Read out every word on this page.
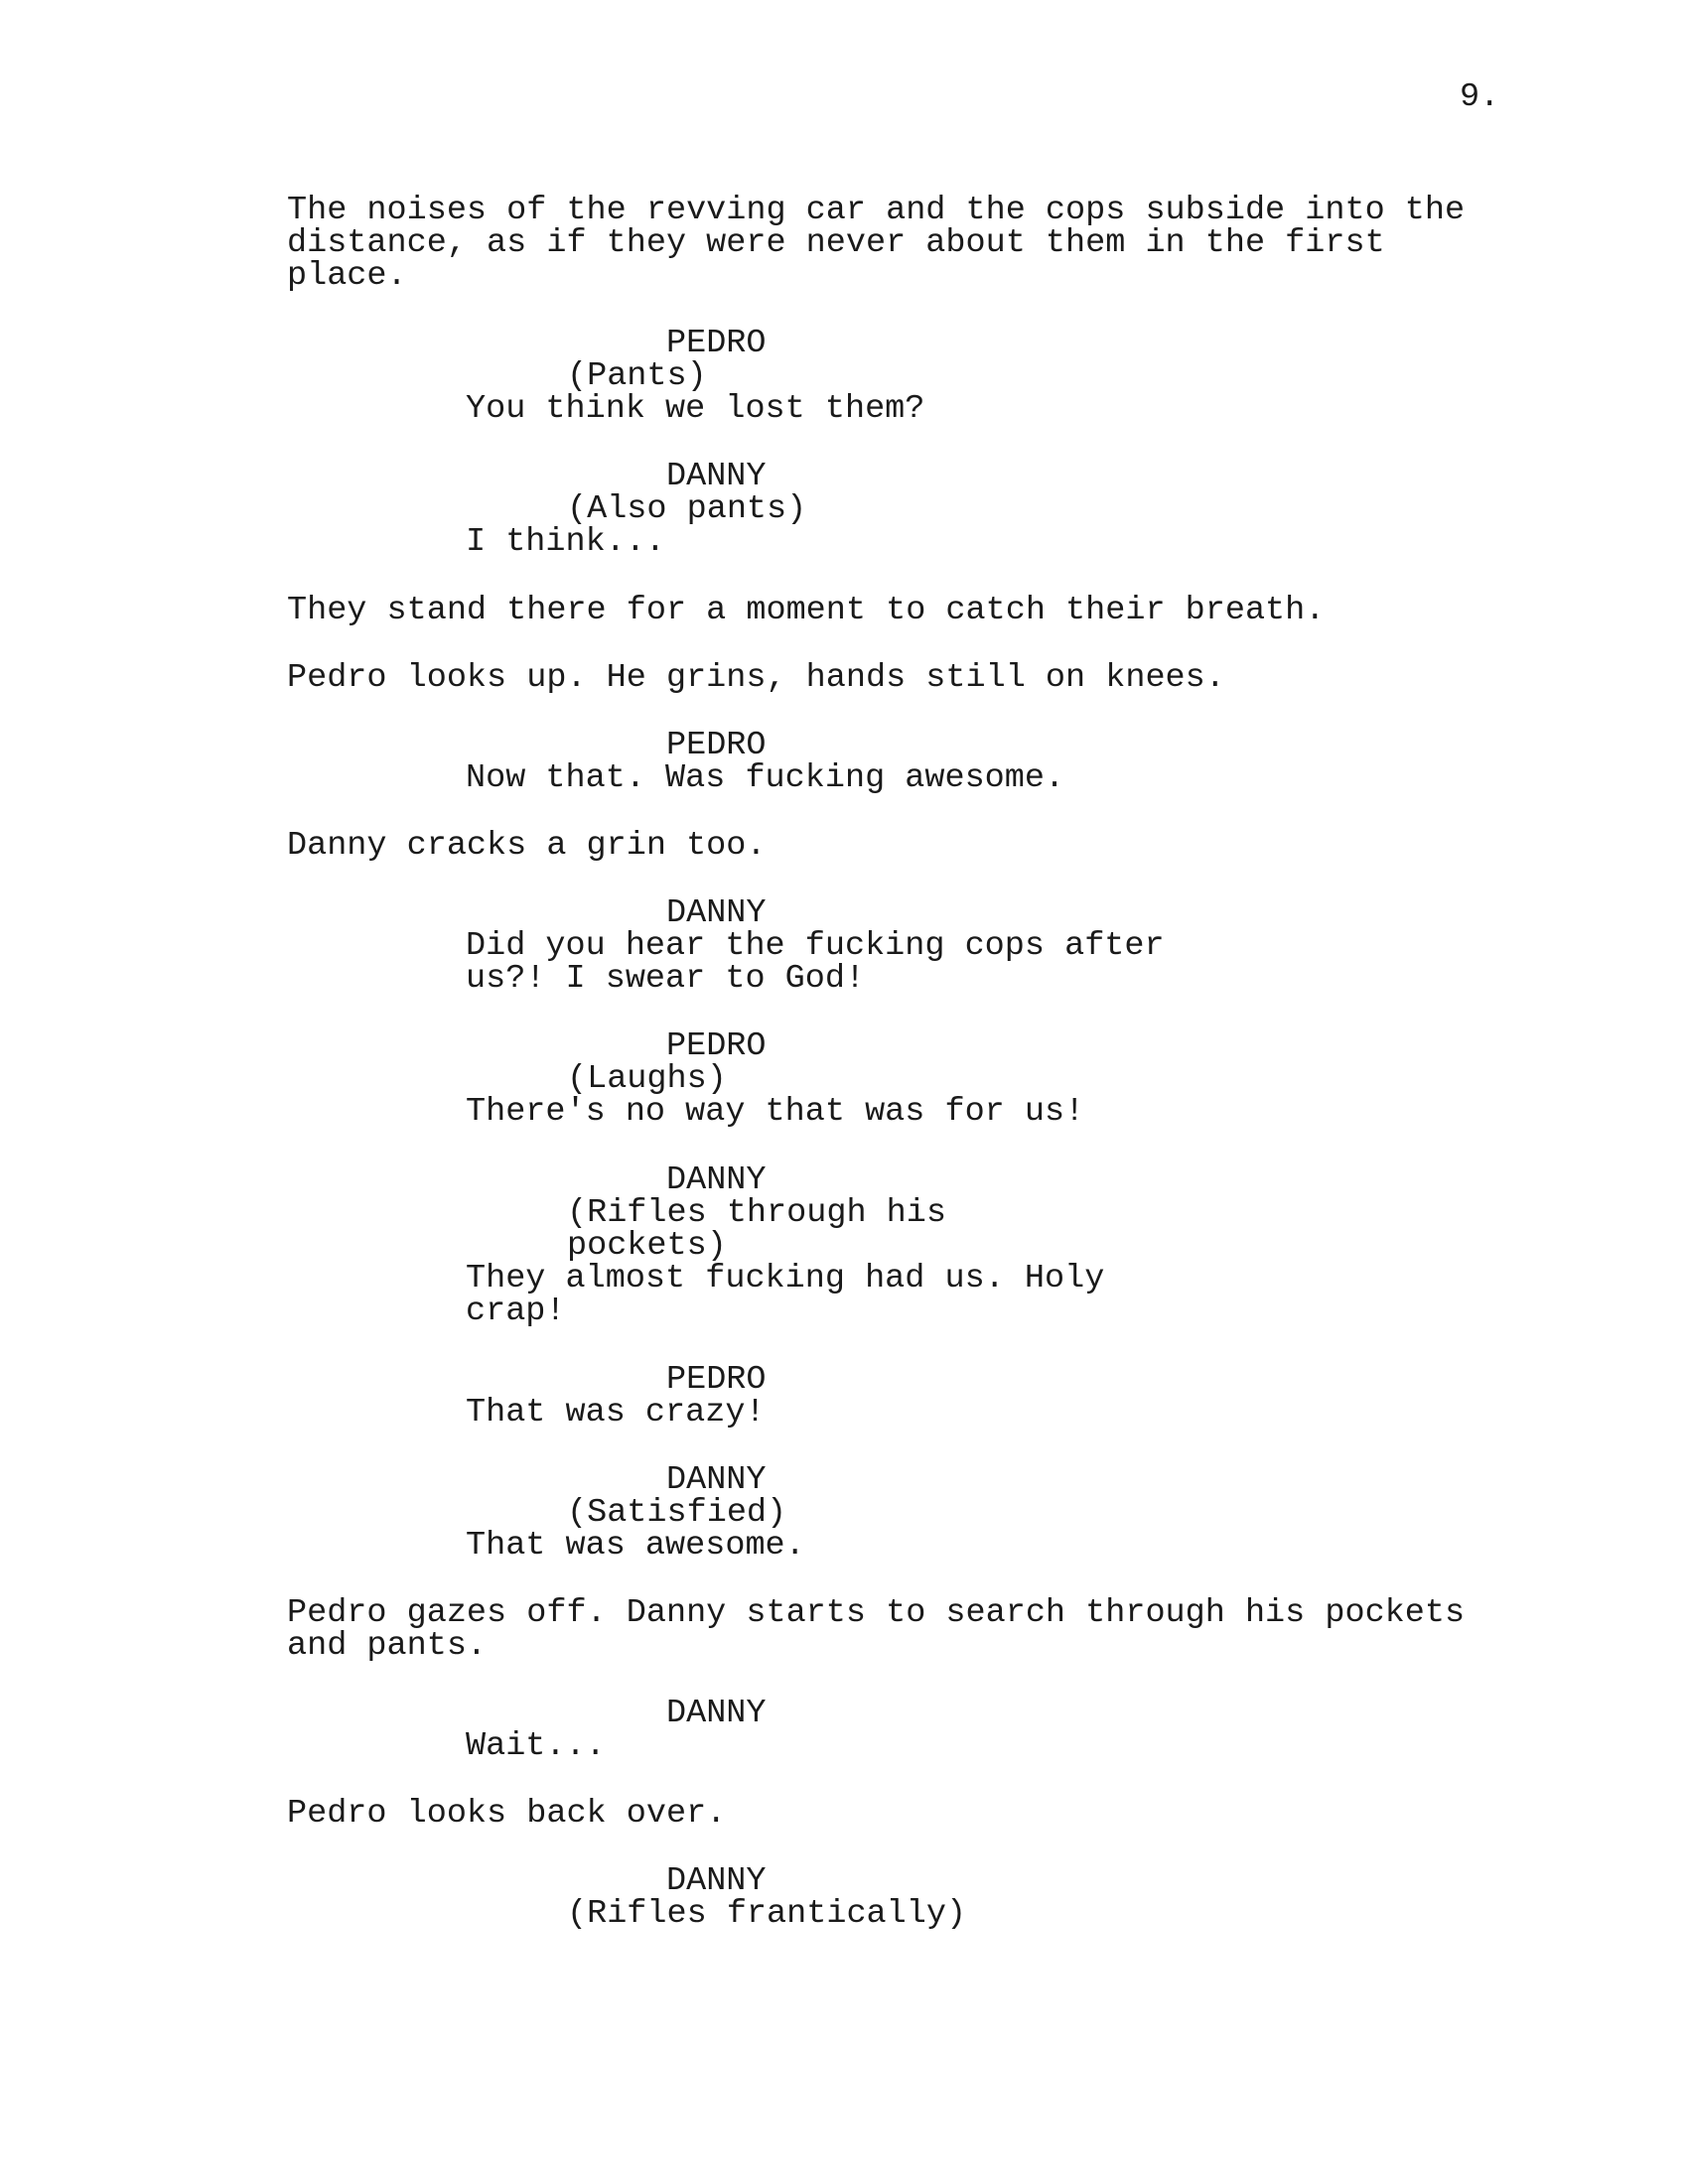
9.
The noises of the revving car and the cops subside into the
distance, as if they were never about them in the first
place.
PEDRO
(Pants)
You think we lost them?
DANNY
(Also pants)
I think...
They stand there for a moment to catch their breath.
Pedro looks up. He grins, hands still on knees.
PEDRO
Now that. Was fucking awesome.
Danny cracks a grin too.
DANNY
Did you hear the fucking cops after
us?! I swear to God!
PEDRO
(Laughs)
There's no way that was for us!
DANNY
(Rifles through his
pockets)
They almost fucking had us. Holy
crap!
PEDRO
That was crazy!
DANNY
(Satisfied)
That was awesome.
Pedro gazes off. Danny starts to search through his pockets
and pants.
DANNY
Wait...
Pedro looks back over.
DANNY
(Rifles frantically)
